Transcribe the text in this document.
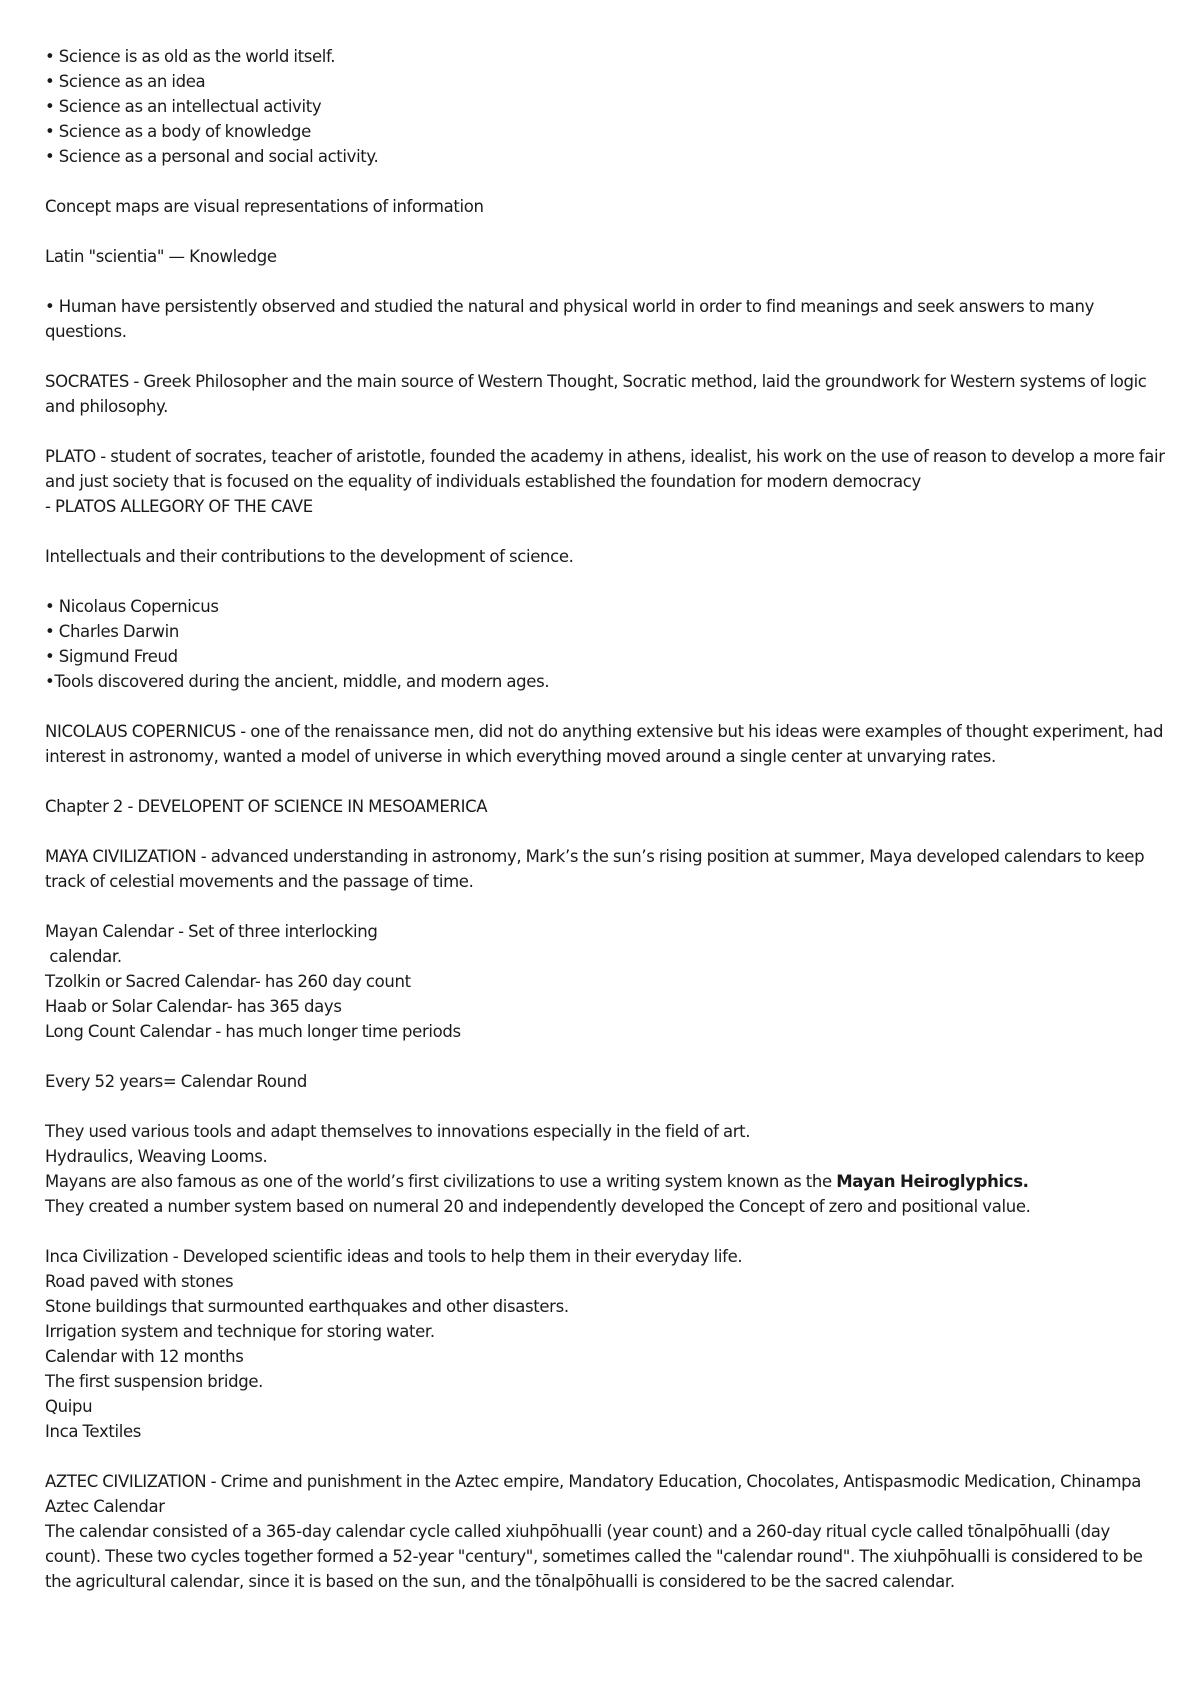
• Science is as old as the world itself.
• Science as an idea
• Science as an intellectual activity
• Science as a body of knowledge
• Science as a personal and social activity.

Concept maps are visual representations of information

Latin "scientia" — Knowledge

• Human have persistently observed and studied the natural and physical world in order to find meanings and seek answers to many questions.

SOCRATES - Greek Philosopher and the main source of Western Thought, Socratic method, laid the groundwork for Western systems of logic and philosophy.

PLATO - student of socrates, teacher of aristotle, founded the academy in athens, idealist, his work on the use of reason to develop a more fair and just society that is focused on the equality of individuals established the foundation for modern democracy
- PLATOS ALLEGORY OF THE CAVE

Intellectuals and their contributions to the development of science.

• Nicolaus Copernicus
• Charles Darwin
• Sigmund Freud
•Tools discovered during the ancient, middle, and modern ages.

NICOLAUS COPERNICUS - one of the renaissance men, did not do anything extensive but his ideas were examples of thought experiment, had interest in astronomy, wanted a model of universe in which everything moved around a single center at unvarying rates.

Chapter 2 - DEVELOPENT OF SCIENCE IN MESOAMERICA

MAYA CIVILIZATION - advanced understanding in astronomy, Mark’s the sun’s rising position at summer, Maya developed calendars to keep track of celestial movements and the passage of time.

Mayan Calendar - Set of three interlocking
calendar.
Tzolkin or Sacred Calendar- has 260 day count
Haab or Solar Calendar- has 365 days
Long Count Calendar - has much longer time periods

Every 52 years= Calendar Round

They used various tools and adapt themselves to innovations especially in the field of art.
Hydraulics, Weaving Looms.
Mayans are also famous as one of the world’s first civilizations to use a writing system known as the Mayan Heiroglyphics.
They created a number system based on numeral 20 and independently developed the Concept of zero and positional value.
Inca Civilization - Developed scientific ideas and tools to help them in their everyday life.
Road paved with stones
Stone buildings that surmounted earthquakes and other disasters.
Irrigation system and technique for storing water.
Calendar with 12 months
The first suspension bridge.
Quipu
Inca Textiles
AZTEC CIVILIZATION - Crime and punishment in the Aztec empire, Mandatory Education, Chocolates, Antispasmodic Medication, Chinampa
Aztec Calendar
The calendar consisted of a 365-day calendar cycle called xiuhpōhualli (year count) and a 260-day ritual cycle called tōnalpōhualli (day count). These two cycles together formed a 52-year "century", sometimes called the "calendar round". The xiuhpōhualli is considered to be the agricultural calendar, since it is based on the sun, and the tōnalpōhualli is considered to be the sacred calendar.
